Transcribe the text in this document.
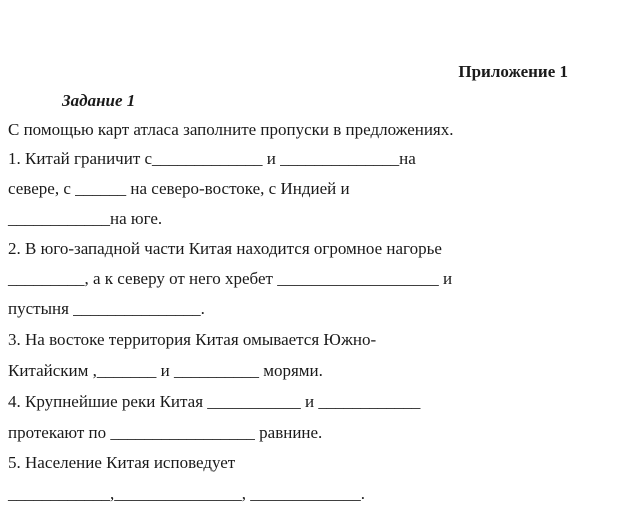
Приложение 1
Задание 1
С помощью карт атласа заполните пропуски в предложениях.
1. Китай граничит с_____________ и ______________на
севере, с ______ на северо-востоке, с Индией и
____________на юге.
2. В юго-западной части Китая находится огромное нагорье
_________, а к северу от него хребет ___________________ и
пустыня _______________.
3. На востоке территория Китая омывается Южно-
Китайским ,_______ и __________ морями.
4. Крупнейшие реки Китая ___________ и ____________
протекают по _________________ равнине.
5. Население Китая исповедует
____________,_______________, _____________.
